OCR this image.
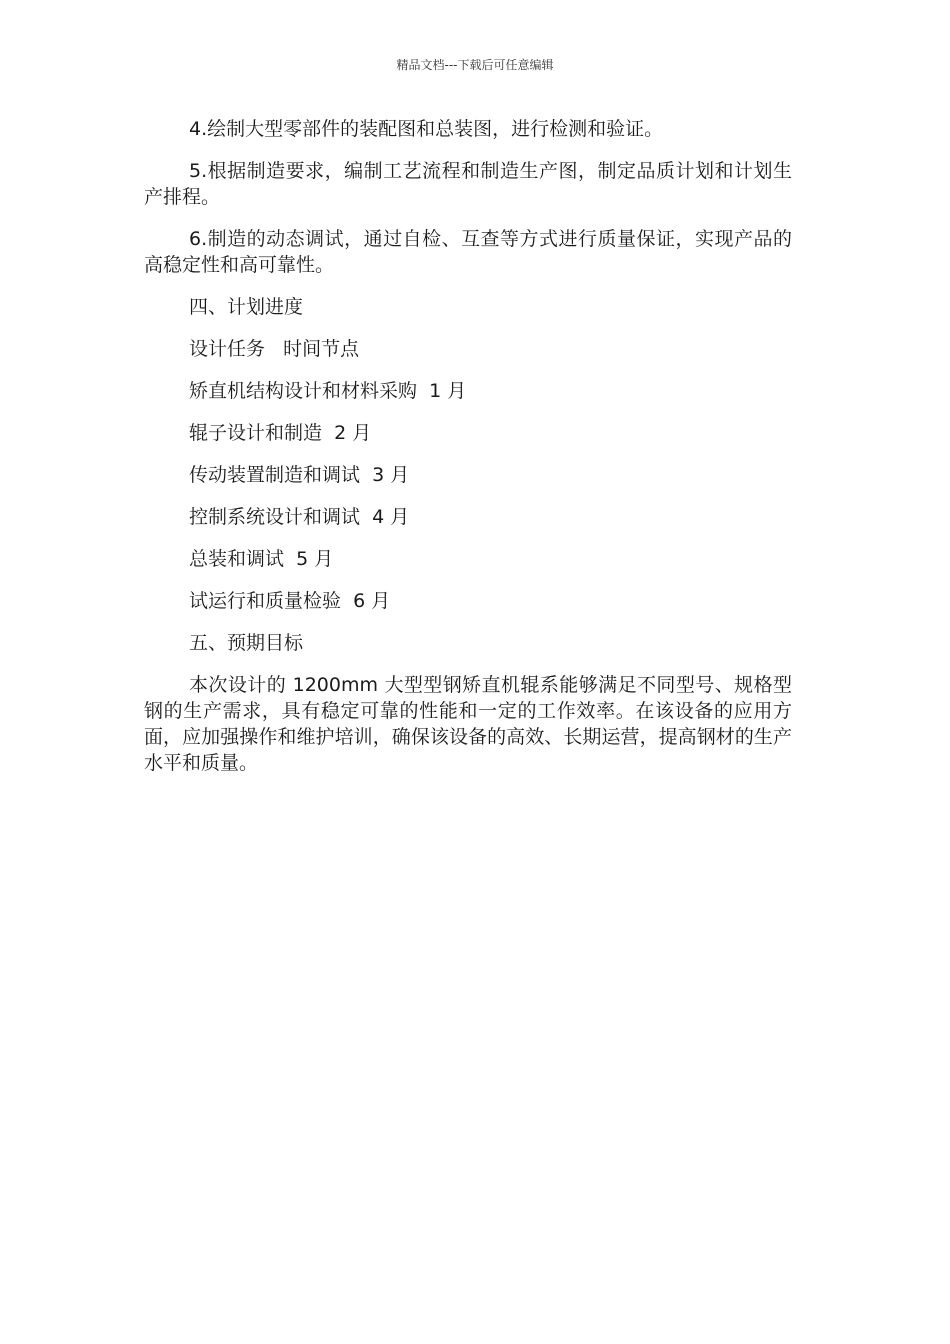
精品文档---下载后可任意编辑

4.绘制大型零部件的装配图和总装图，进行检测和验证。

5.根据制造要求，编制工艺流程和制造生产图，制定品质计划和计划生产排程。

6.制造的动态调试，通过自检、互查等方式进行质量保证，实现产品的高稳定性和高可靠性。

四、计划进度

设计任务   时间节点

矫直机结构设计和材料采购  1 月

辊子设计和制造  2 月

传动装置制造和调试  3 月

控制系统设计和调试  4 月

总装和调试  5 月

试运行和质量检验  6 月

五、预期目标

本次设计的 1200mm 大型型钢矫直机辊系能够满足不同型号、规格型钢的生产需求，具有稳定可靠的性能和一定的工作效率。在该设备的应用方面，应加强操作和维护培训，确保该设备的高效、长期运营，提高钢材的生产水平和质量。
